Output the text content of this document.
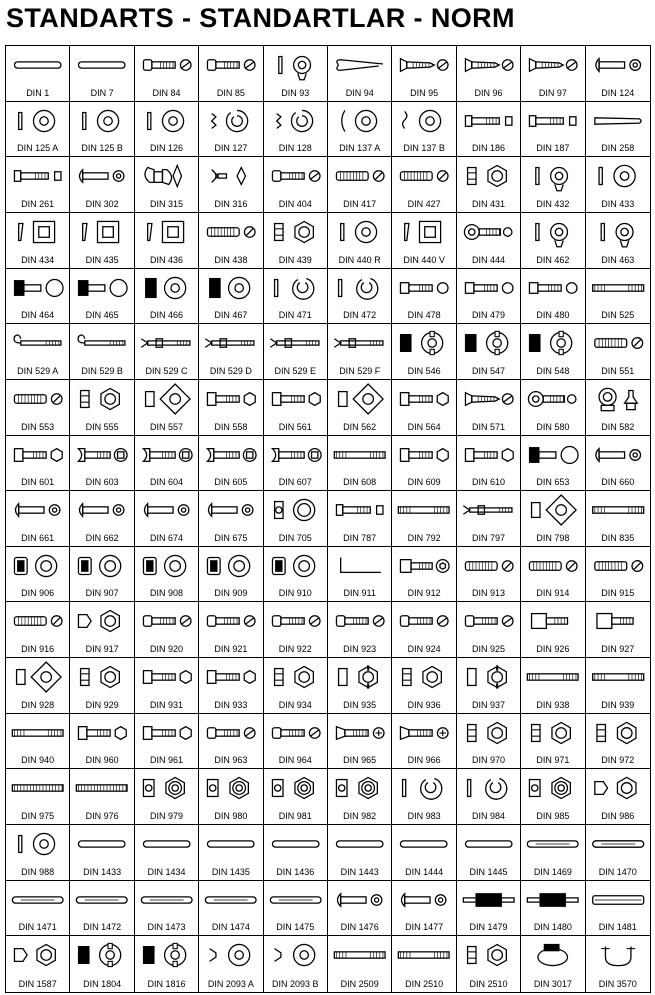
STANDARTS - STANDARTLAR - NORM
DIN 1	DIN 7	DIN 84	DIN 85	DIN 93	DIN 94	DIN 95	DIN 96	DIN 97	DIN 124
DIN 125 A	DIN 125 B	DIN 126	DIN 127	DIN 128	DIN 137 A	DIN 137 B	DIN 186	DIN 187	DIN 258
DIN 261	DIN 302	DIN 315	DIN 316	DIN 404	DIN 417	DIN 427	DIN 431	DIN 432	DIN 433
DIN 434	DIN 435	DIN 436	DIN 438	DIN 439	DIN 440 R	DIN 440 V	DIN 444	DIN 462	DIN 463
DIN 464	DIN 465	DIN 466	DIN 467	DIN 471	DIN 472	DIN 478	DIN 479	DIN 480	DIN 525
DIN 529 A	DIN 529 B	DIN 529 C	DIN 529 D	DIN 529 E	DIN 529 F	DIN 546	DIN 547	DIN 548	DIN 551
DIN 553	DIN 555	DIN 557	DIN 558	DIN 561	DIN 562	DIN 564	DIN 571	DIN 580	DIN 582
DIN 601	DIN 603	DIN 604	DIN 605	DIN 607	DIN 608	DIN 609	DIN 610	DIN 653	DIN 660
DIN 661	DIN 662	DIN 674	DIN 675	DIN 705	DIN 787	DIN 792	DIN 797	DIN 798	DIN 835
DIN 906	DIN 907	DIN 908	DIN 909	DIN 910	DIN 911	DIN 912	DIN 913	DIN 914	DIN 915
DIN 916	DIN 917	DIN 920	DIN 921	DIN 922	DIN 923	DIN 924	DIN 925	DIN 926	DIN 927
DIN 928	DIN 929	DIN 931	DIN 933	DIN 934	DIN 935	DIN 936	DIN 937	DIN 938	DIN 939
DIN 940	DIN 960	DIN 961	DIN 963	DIN 964	DIN 965	DIN 966	DIN 970	DIN 971	DIN 972
DIN 975	DIN 976	DIN 979	DIN 980	DIN 981	DIN 982	DIN 983	DIN 984	DIN 985	DIN 986
DIN 988	DIN 1433	DIN 1434	DIN 1435	DIN 1436	DIN 1443	DIN 1444	DIN 1445	DIN 1469	DIN 1470
DIN 1471	DIN 1472	DIN 1473	DIN 1474	DIN 1475	DIN 1476	DIN 1477	DIN 1479	DIN 1480	DIN 1481
DIN 1587	DIN 1804	DIN 1816	DIN 2093 A	DIN 2093 B	DIN 2509	DIN 2510	DIN 2510	DIN 3017	DIN 3570
